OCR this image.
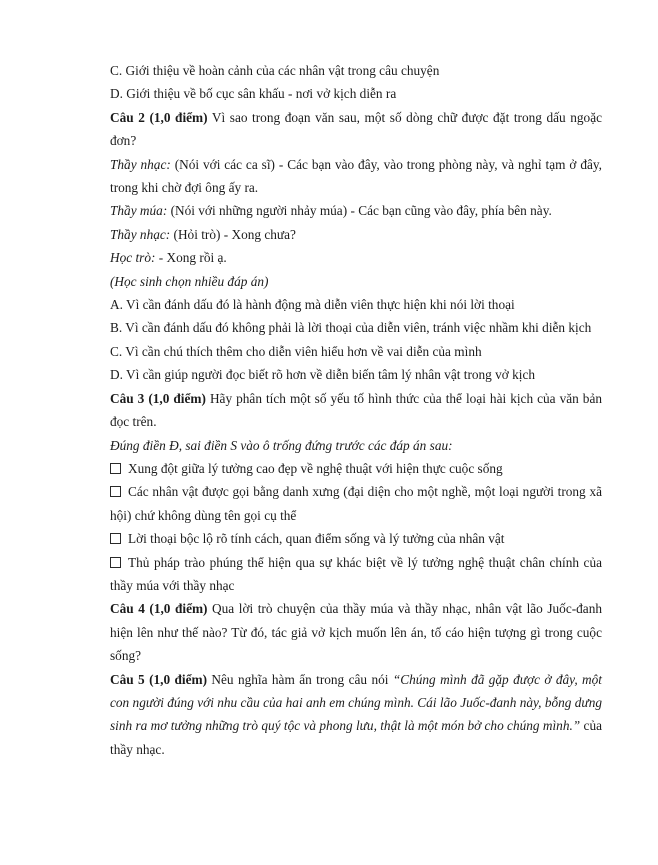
C. Giới thiệu về hoàn cảnh của các nhân vật trong câu chuyện

D. Giới thiệu về bố cục sân khấu - nơi vở kịch diễn ra

Câu 2 (1,0 điểm) Vì sao trong đoạn văn sau, một số dòng chữ được đặt trong dấu ngoặc đơn?

Thầy nhạc: (Nói với các ca sĩ) - Các bạn vào đây, vào trong phòng này, và nghỉ tạm ở đây, trong khi chờ đợi ông ấy ra.

Thầy múa: (Nói với những người nhảy múa) - Các bạn cũng vào đây, phía bên này.

Thầy nhạc: (Hỏi trò) - Xong chưa?

Học trò: - Xong rồi ạ.

(Học sinh chọn nhiều đáp án)

A. Vì cần đánh dấu đó là hành động mà diễn viên thực hiện khi nói lời thoại

B. Vì cần đánh dấu đó không phải là lời thoại của diễn viên, tránh việc nhầm khi diễn kịch

C. Vì cần chú thích thêm cho diễn viên hiểu hơn về vai diễn của mình

D. Vì cần giúp người đọc biết rõ hơn về diễn biến tâm lý nhân vật trong vở kịch

Câu 3 (1,0 điểm) Hãy phân tích một số yếu tố hình thức của thể loại hài kịch của văn bản đọc trên.

Đúng điền Đ, sai điền S vào ô trống đứng trước các đáp án sau:

Xung đột giữa lý tưởng cao đẹp về nghệ thuật với hiện thực cuộc sống

Các nhân vật được gọi bằng danh xưng (đại diện cho một nghề, một loại người trong xã hội) chứ không dùng tên gọi cụ thể

Lời thoại bộc lộ rõ tính cách, quan điểm sống và lý tưởng của nhân vật

Thủ pháp trào phúng thể hiện qua sự khác biệt về lý tưởng nghệ thuật chân chính của thầy múa với thầy nhạc

Câu 4 (1,0 điểm) Qua lời trò chuyện của thầy múa và thầy nhạc, nhân vật lão Juốc-đanh hiện lên như thế nào? Từ đó, tác giả vở kịch muốn lên án, tố cáo hiện tượng gì trong cuộc sống?

Câu 5 (1,0 điểm) Nêu nghĩa hàm ẩn trong câu nói “Chúng mình đã gặp được ở đây, một con người đúng với nhu cầu của hai anh em chúng mình. Cái lão Juốc-đanh này, bỗng dưng sinh ra mơ tưởng những trò quý tộc và phong lưu, thật là một món bở cho chúng mình.” của thầy nhạc.
